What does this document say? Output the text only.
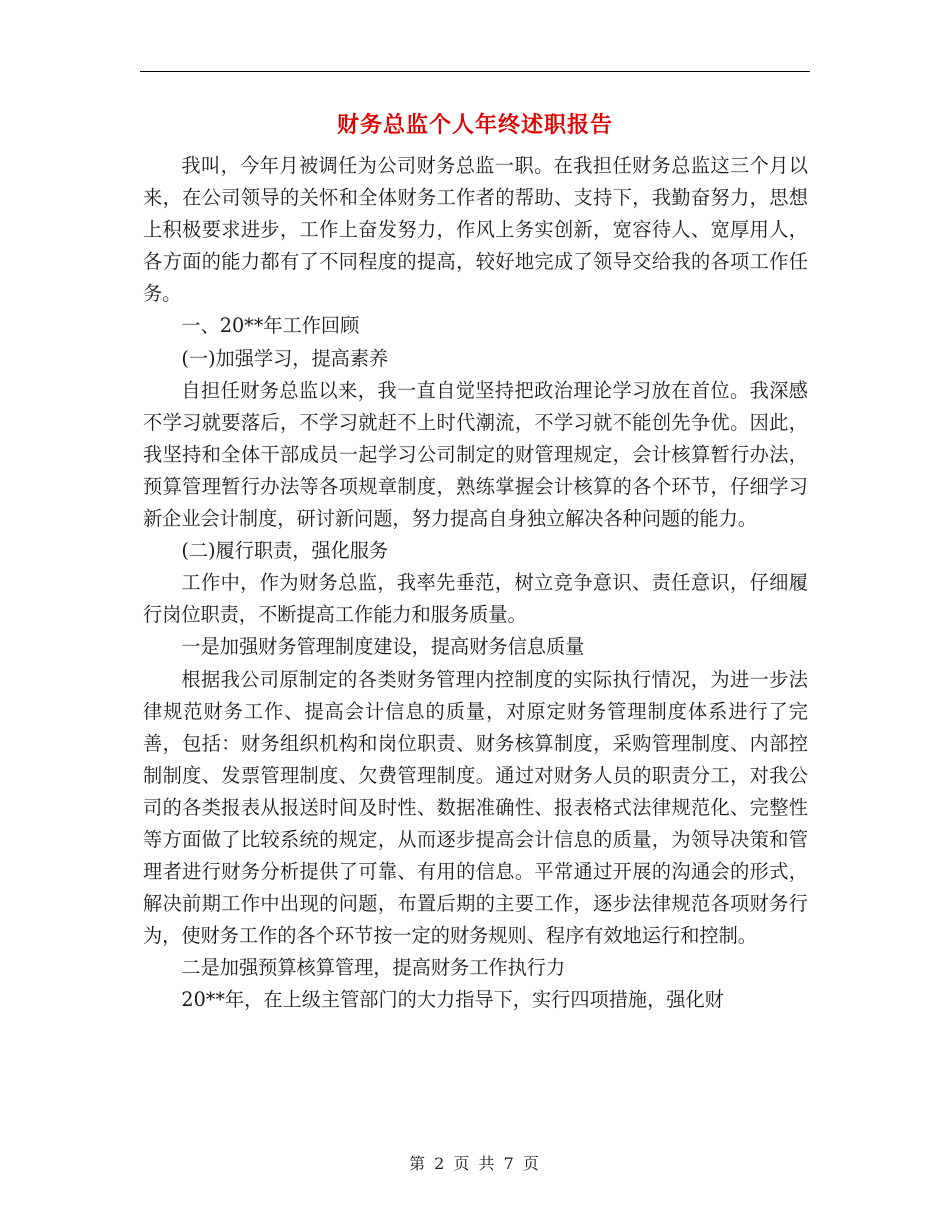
财务总监个人年终述职报告

我叫，今年月被调任为公司财务总监一职。在我担任财务总监这三个月以来，在公司领导的关怀和全体财务工作者的帮助、支持下，我勤奋努力，思想上积极要求进步，工作上奋发努力，作风上务实创新，宽容待人、宽厚用人，各方面的能力都有了不同程度的提高，较好地完成了领导交给我的各项工作任务。

一、20**年工作回顾

(一)加强学习，提高素养

自担任财务总监以来，我一直自觉坚持把政治理论学习放在首位。我深感不学习就要落后，不学习就赶不上时代潮流，不学习就不能创先争优。因此，我坚持和全体干部成员一起学习公司制定的财管理规定，会计核算暂行办法，预算管理暂行办法等各项规章制度，熟练掌握会计核算的各个环节，仔细学习新企业会计制度，研讨新问题，努力提高自身独立解决各种问题的能力。

(二)履行职责，强化服务

工作中，作为财务总监，我率先垂范，树立竞争意识、责任意识，仔细履行岗位职责，不断提高工作能力和服务质量。

一是加强财务管理制度建设，提高财务信息质量

根据我公司原制定的各类财务管理内控制度的实际执行情况，为进一步法律规范财务工作、提高会计信息的质量，对原定财务管理制度体系进行了完善，包括：财务组织机构和岗位职责、财务核算制度，采购管理制度、内部控制制度、发票管理制度、欠费管理制度。通过对财务人员的职责分工，对我公司的各类报表从报送时间及时性、数据准确性、报表格式法律规范化、完整性等方面做了比较系统的规定，从而逐步提高会计信息的质量，为领导决策和管理者进行财务分析提供了可靠、有用的信息。平常通过开展的沟通会的形式，解决前期工作中出现的问题，布置后期的主要工作，逐步法律规范各项财务行为，使财务工作的各个环节按一定的财务规则、程序有效地运行和控制。

二是加强预算核算管理，提高财务工作执行力

20**年，在上级主管部门的大力指导下，实行四项措施，强化财

第 2 页 共 7 页
